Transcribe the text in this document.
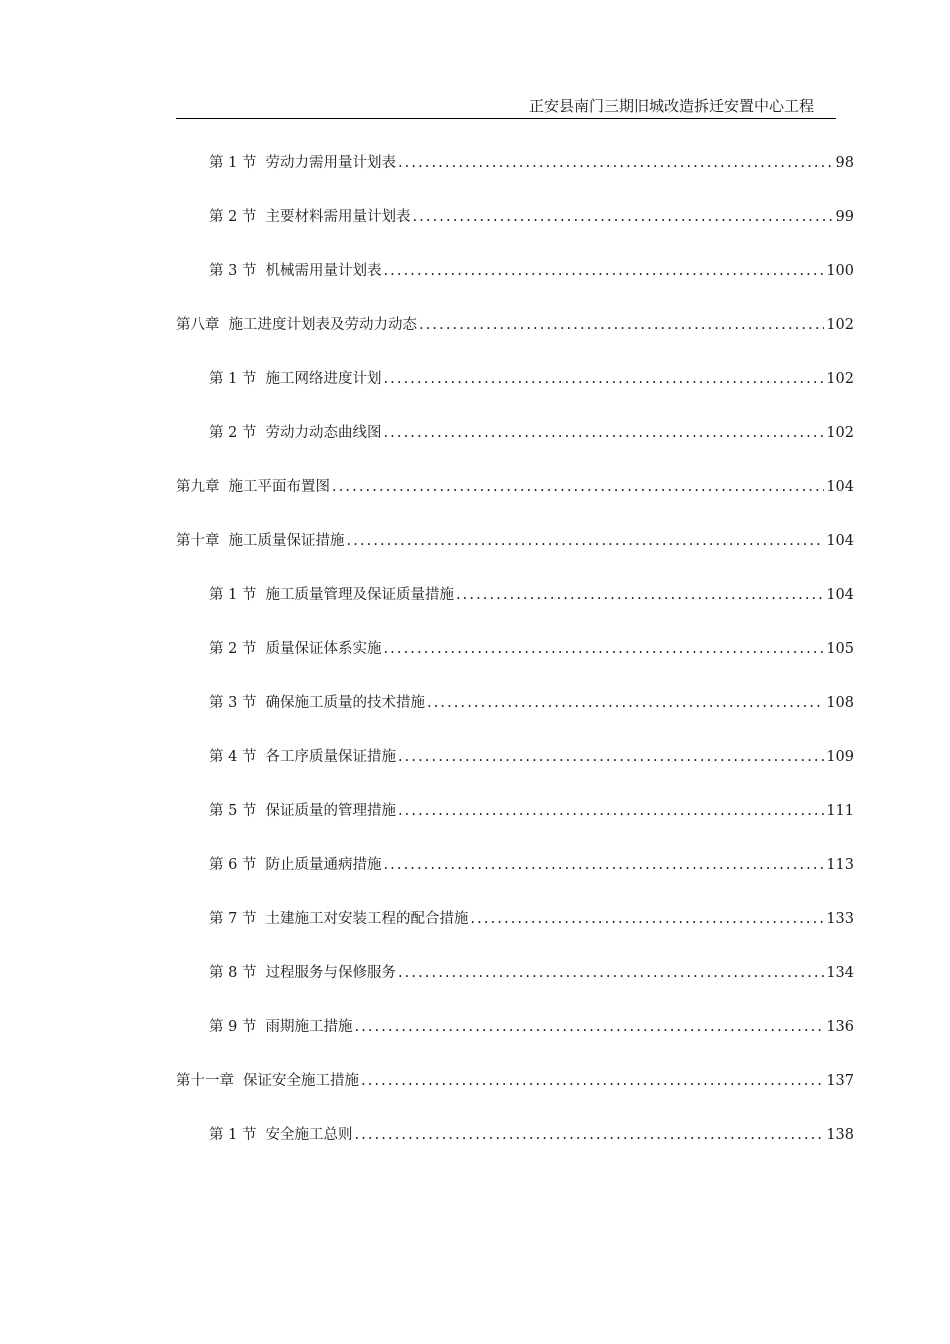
正安县南门三期旧城改造拆迁安置中心工程
第 1 节 劳动力需用量计划表 .....	98
第 2 节 主要材料需用量计划表 .....	99
第 3 节 机械需用量计划表 .....	100
第八章 施工进度计划表及劳动力动态 .....	102
第 1 节 施工网络进度计划 .....	102
第 2 节 劳动力动态曲线图 .....	102
第九章 施工平面布置图 .....	104
第十章 施工质量保证措施 .....	104
第 1 节 施工质量管理及保证质量措施 .....	104
第 2 节 质量保证体系实施 .....	105
第 3 节 确保施工质量的技术措施 .....	108
第 4 节 各工序质量保证措施 .....	109
第 5 节 保证质量的管理措施 .....	111
第 6 节 防止质量通病措施 .....	113
第 7 节 土建施工对安装工程的配合措施 .....	133
第 8 节 过程服务与保修服务 .....	134
第 9 节 雨期施工措施 .....	136
第十一章 保证安全施工措施 .....	137
第 1 节 安全施工总则 .....	138
